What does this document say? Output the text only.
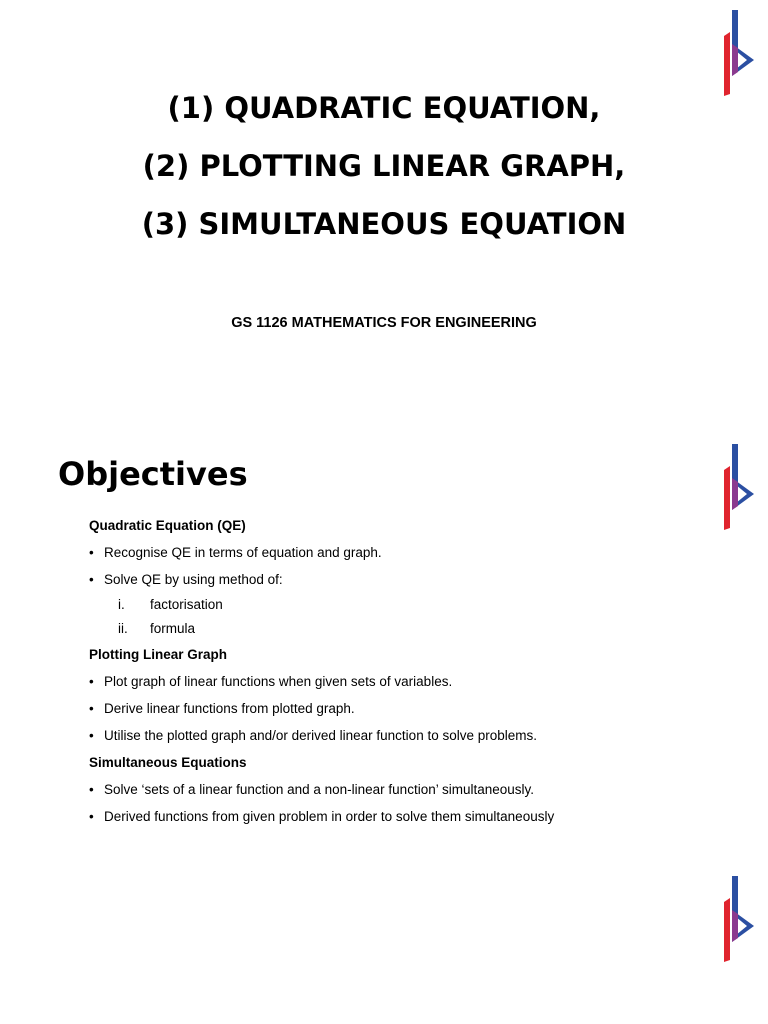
(1) QUADRATIC EQUATION,
(2) PLOTTING LINEAR GRAPH,
(3) SIMULTANEOUS EQUATION
GS 1126 MATHEMATICS FOR ENGINEERING
Objectives
Quadratic Equation (QE)
• Recognise QE in terms of equation and graph.
• Solve QE by using method of:
i. factorisation
ii. formula
Plotting Linear Graph
• Plot graph of linear functions when given sets of variables.
• Derive linear functions from plotted graph.
• Utilise the plotted graph and/or derived linear function to solve problems.
Simultaneous Equations
• Solve ‘sets of a linear function and a non-linear function’ simultaneously.
• Derived functions from given problem in order to solve them simultaneously
